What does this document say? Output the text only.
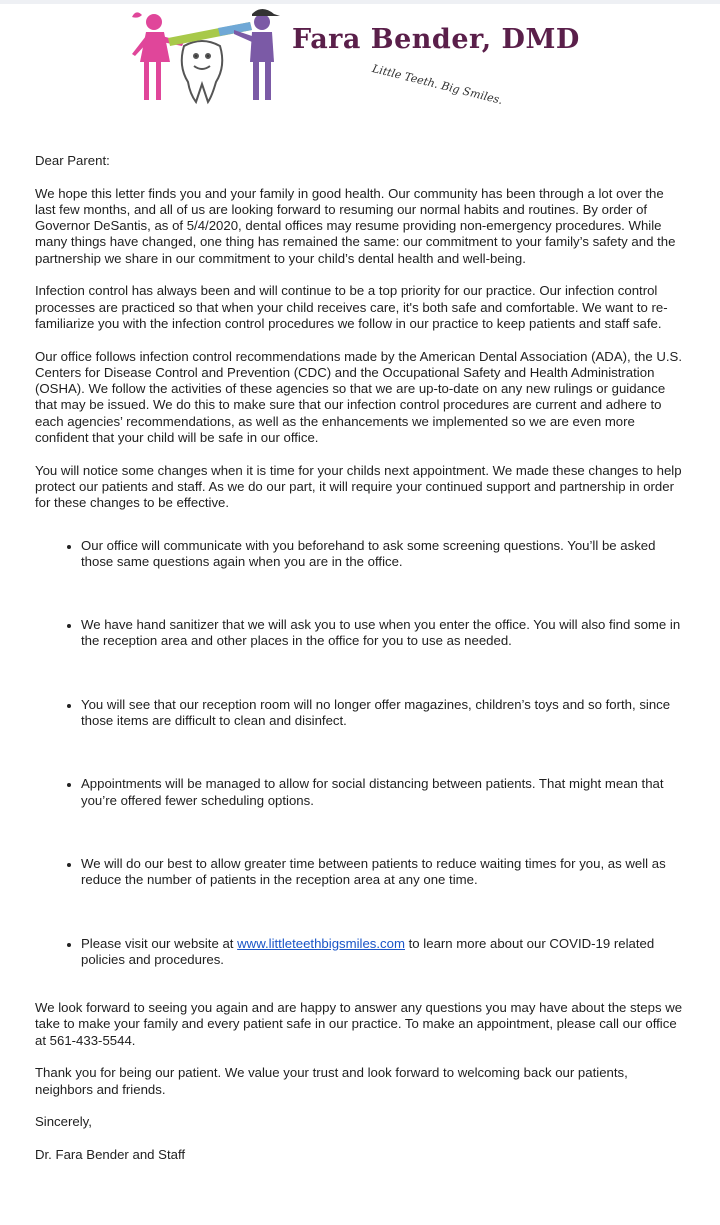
Fara Bender, DMD
Little Teeth. Big Smiles.

Dear Parent:

We hope this letter finds you and your family in good health. Our community has been through a lot over the last few months, and all of us are looking forward to resuming our normal habits and routines. By order of Governor DeSantis, as of 5/4/2020, dental offices may resume providing non-emergency procedures. While many things have changed, one thing has remained the same: our commitment to your family’s safety and the partnership we share in our commitment to your child’s dental health and well-being.

Infection control has always been and will continue to be a top priority for our practice. Our infection control processes are practiced so that when your child receives care, it's both safe and comfortable. We want to re-familiarize you with the infection control procedures we follow in our practice to keep patients and staff safe.

Our office follows infection control recommendations made by the American Dental Association (ADA), the U.S. Centers for Disease Control and Prevention (CDC) and the Occupational Safety and Health Administration (OSHA). We follow the activities of these agencies so that we are up-to-date on any new rulings or guidance that may be issued. We do this to make sure that our infection control procedures are current and adhere to each agencies’ recommendations, as well as the enhancements we implemented so we are even more confident that your child will be safe in our office.

You will notice some changes when it is time for your childs next appointment. We made these changes to help protect our patients and staff. As we do our part, it will require your continued support and partnership in order for these changes to be effective.

Our office will communicate with you beforehand to ask some screening questions. You’ll be asked those same questions again when you are in the office.
We have hand sanitizer that we will ask you to use when you enter the office. You will also find some in the reception area and other places in the office for you to use as needed.
You will see that our reception room will no longer offer magazines, children’s toys and so forth, since those items are difficult to clean and disinfect.
Appointments will be managed to allow for social distancing between patients. That might mean that you’re offered fewer scheduling options.
We will do our best to allow greater time between patients to reduce waiting times for you, as well as reduce the number of patients in the reception area at any one time.
Please visit our website at www.littleteethbigsmiles.com to learn more about our COVID-19 related policies and procedures.

We look forward to seeing you again and are happy to answer any questions you may have about the steps we take to make your family and every patient safe in our practice. To make an appointment, please call our office at 561-433-5544.

Thank you for being our patient. We value your trust and look forward to welcoming back our patients, neighbors and friends.

Sincerely,

Dr. Fara Bender and Staff
